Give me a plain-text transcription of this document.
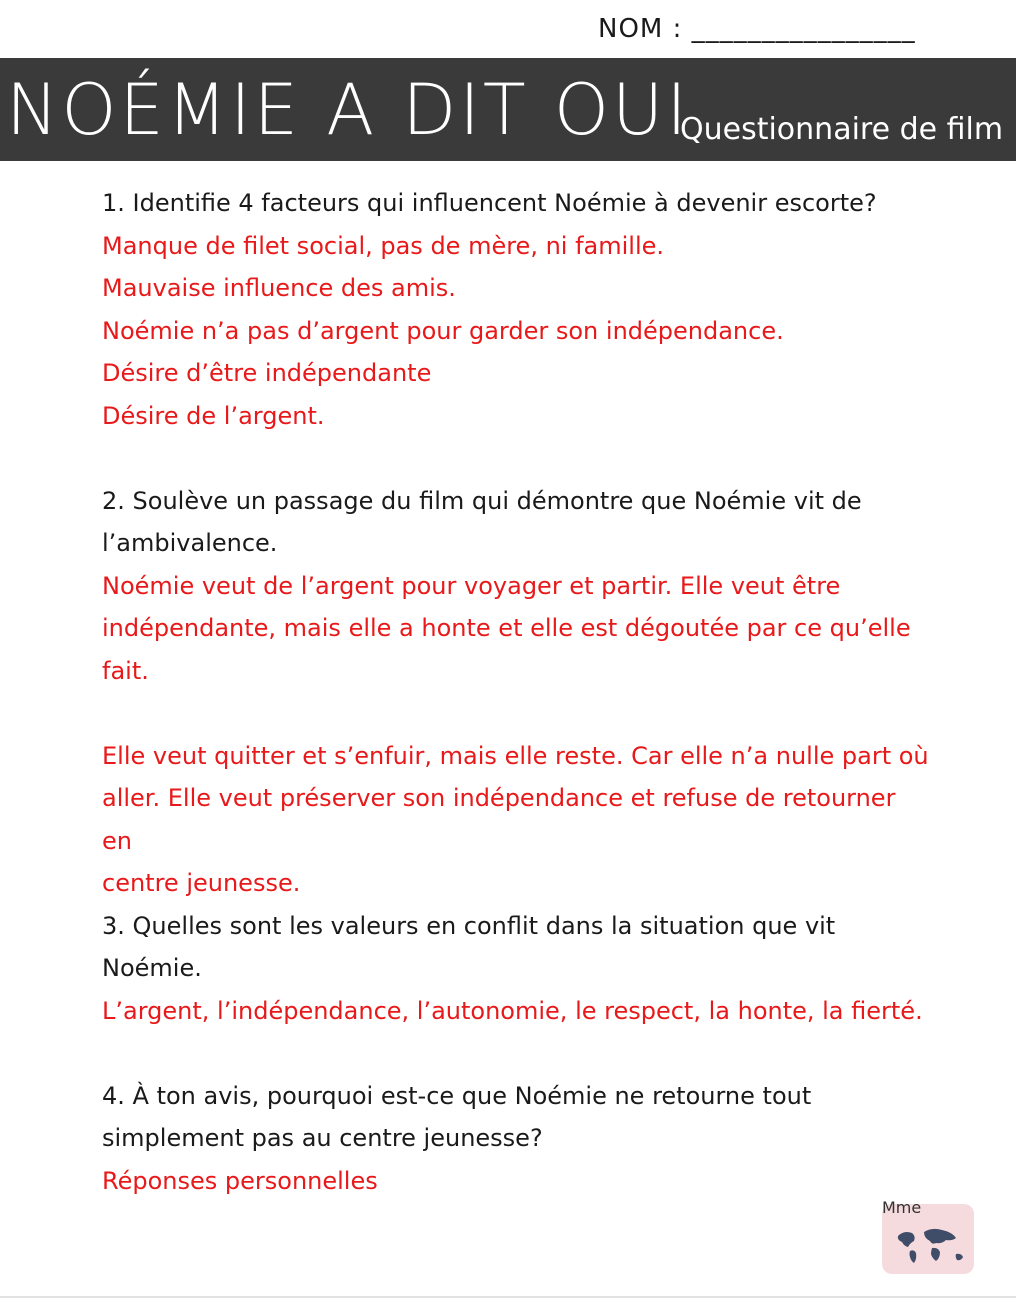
NOM : ________________
NOÉMIE A DIT OUI
Questionnaire de film

1. Identifie 4 facteurs qui influencent Noémie à devenir escorte?

Manque de filet social, pas de mère, ni famille.

Mauvaise influence des amis.

Noémie n’a pas d’argent pour garder son indépendance.

Désire d’être indépendante

Désire de l’argent.

2. Soulève un passage du film qui démontre que Noémie vit de

l’ambivalence.

Noémie veut de l’argent pour voyager et partir. Elle veut être

indépendante, mais elle a honte et elle est dégoutée par ce qu’elle

fait.

Elle veut quitter et s’enfuir, mais elle reste. Car elle n’a nulle part où

aller. Elle veut préserver son indépendance et refuse de retourner en

centre jeunesse.

3. Quelles sont les valeurs en conflit dans la situation que vit Noémie.

L’argent, l’indépendance, l’autonomie, le respect, la honte, la fierté.

4. À ton avis, pourquoi est-ce que Noémie ne retourne tout

simplement pas au centre jeunesse?

Réponses personnelles

Mme
